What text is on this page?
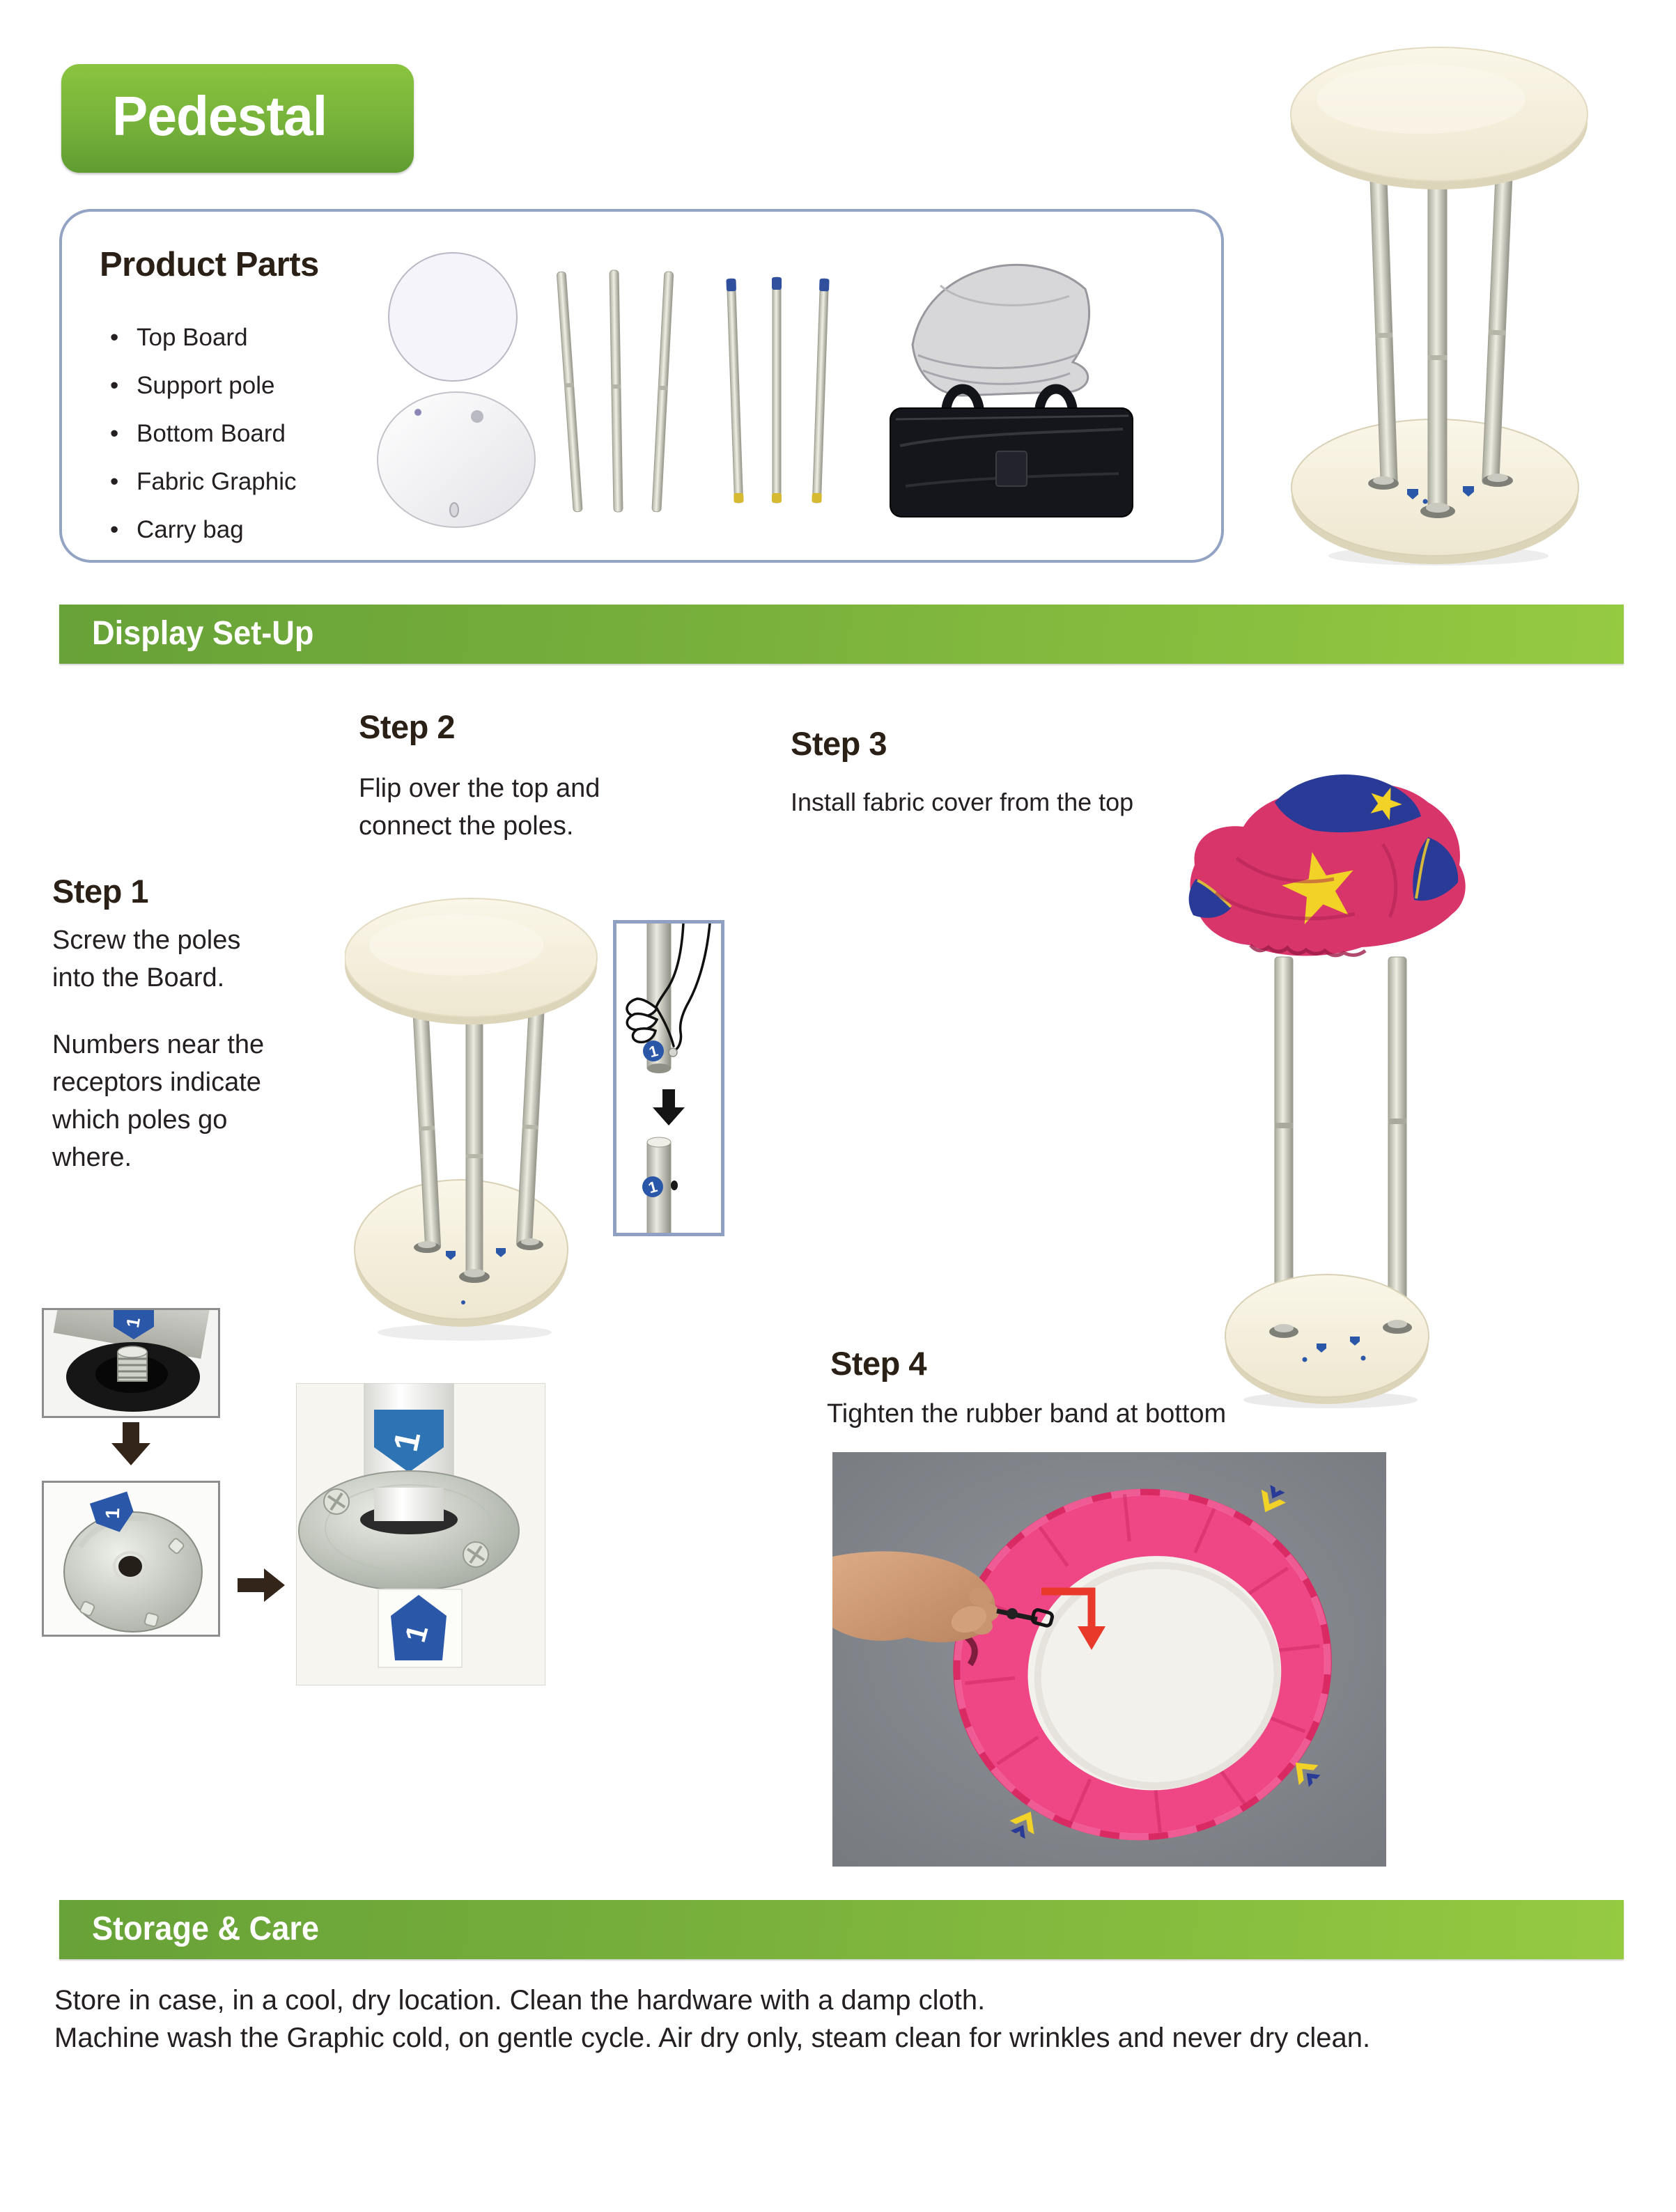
Pedestal
Product Parts
• Top Board
• Support pole
• Bottom Board
• Fabric Graphic
• Carry bag
Display Set-Up
Step 1
Screw the poles into the Board.
Numbers near the receptors indicate which poles go where.
Step 2
Flip over the top and connect the poles.
Step 3
Install fabric cover from the top
Step 4
Tighten the rubber band at bottom
1
1
1
1
1
1
Storage & Care
Store in case, in a cool, dry location. Clean the hardware with a damp cloth.
Machine wash the Graphic cold, on gentle cycle. Air dry only, steam clean for wrinkles and never dry clean.
